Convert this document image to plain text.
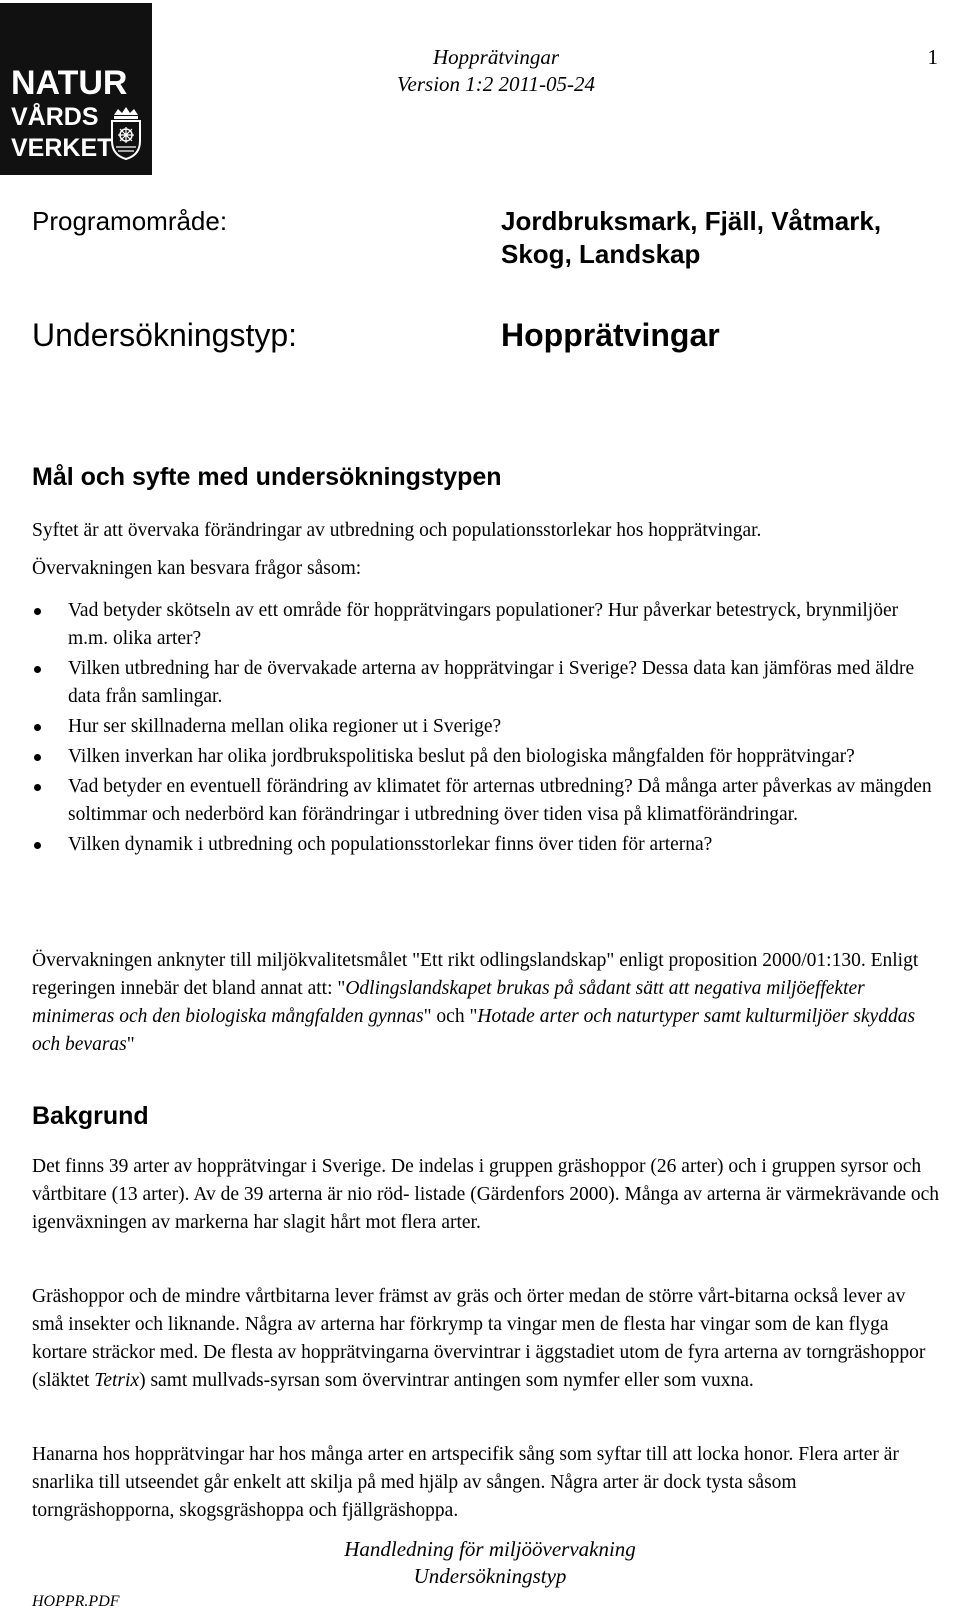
NATUR
VÅRDS
VERKET
Hopprätvingar
Version 1:2 2011-05-24
1
Programområde:	Jordbruksmark, Fjäll, Våtmark, Skog, Landskap
Undersökningstyp:	Hopprätvingar
Mål och syfte med undersökningstypen
Syftet är att övervaka förändringar av utbredning och populationsstorlekar hos hopprätvingar.
Övervakningen kan besvara frågor såsom:
Vad betyder skötseln av ett område för hopprätvingars populationer? Hur påverkar betestryck, brynmiljöer m.m. olika arter?
Vilken utbredning har de övervakade arterna av hopprätvingar i Sverige? Dessa data kan jämföras med äldre data från samlingar.
Hur ser skillnaderna mellan olika regioner ut i Sverige?
Vilken inverkan har olika jordbrukspolitiska beslut på den biologiska mångfalden för hopprätvingar?
Vad betyder en eventuell förändring av klimatet för arternas utbredning? Då många arter påverkas av mängden soltimmar och nederbörd kan förändringar i utbredning över tiden visa på klimatförändringar.
Vilken dynamik i utbredning och populationsstorlekar finns över tiden för arterna?
Övervakningen anknyter till miljökvalitetsmålet "Ett rikt odlingslandskap" enligt proposition 2000/01:130. Enligt regeringen innebär det bland annat att: "Odlingslandskapet brukas på sådant sätt att negativa miljöeffekter minimeras och den biologiska mångfalden gynnas" och "Hotade arter och naturtyper samt kulturmiljöer skyddas och bevaras"
Bakgrund
Det finns 39 arter av hopprätvingar i Sverige. De indelas i gruppen gräshoppor (26 arter) och i gruppen syrsor och vårtbitare (13 arter). Av de 39 arterna är nio röd- listade (Gärdenfors 2000). Många av arterna är värmekrävande och igenväxningen av markerna har slagit hårt mot flera arter.
Gräshoppor och de mindre vårtbitarna lever främst av gräs och örter medan de större vårt-bitarna också lever av små insekter och liknande. Några av arterna har förkrymp ta vingar men de flesta har vingar som de kan flyga kortare sträckor med. De flesta av hopprätvingarna övervintrar i äggstadiet utom de fyra arterna av torngräshoppor (släktet Tetrix) samt mullvads-syrsan som övervintrar antingen som nymfer eller som vuxna.
Hanarna hos hopprätvingar har hos många arter en artspecifik sång som syftar till att locka honor. Flera arter är snarlika till utseendet går enkelt att skilja på med hjälp av sången. Några arter är dock tysta såsom torngräshopporna, skogsgräshoppa och fjällgräshoppa.
Handledning för miljöövervakning
Undersökningstyp
HOPPR.PDF
